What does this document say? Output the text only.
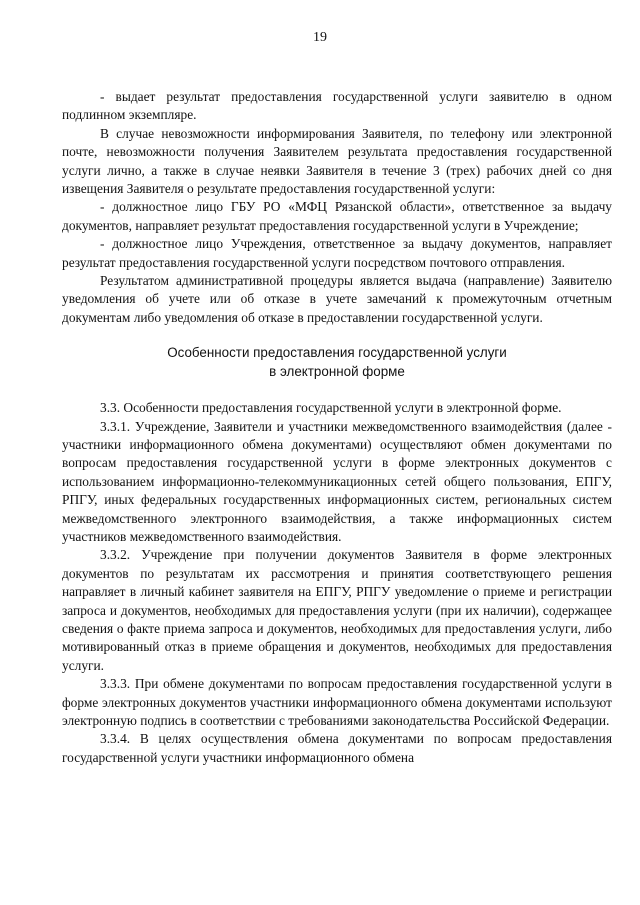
19

- выдает результат предоставления государственной услуги заявителю в одном подлинном экземпляре.

В случае невозможности информирования Заявителя, по телефону или электронной почте, невозможности получения Заявителем результата предоставления государственной услуги лично, а также в случае неявки Заявителя в течение 3 (трех) рабочих дней со дня извещения Заявителя о результате предоставления государственной услуги:

- должностное лицо ГБУ РО «МФЦ Рязанской области», ответственное за выдачу документов, направляет результат предоставления государственной услуги в Учреждение;

- должностное лицо Учреждения, ответственное за выдачу документов, направляет результат предоставления государственной услуги посредством почтового отправления.

Результатом административной процедуры является выдача (направление) Заявителю уведомления об учете или об отказе в учете замечаний к промежуточным отчетным документам либо уведомления об отказе в предоставлении государственной услуги.

Особенности предоставления государственной услуги
в электронной форме

3.3. Особенности предоставления государственной услуги в электронной форме.

3.3.1. Учреждение, Заявители и участники межведомственного взаимодействия (далее - участники информационного обмена документами) осуществляют обмен документами по вопросам предоставления государственной услуги в форме электронных документов с использованием информационно-телекоммуникационных сетей общего пользования, ЕПГУ, РПГУ, иных федеральных государственных информационных систем, региональных систем межведомственного электронного взаимодействия, а также информационных систем участников межведомственного взаимодействия.

3.3.2. Учреждение при получении документов Заявителя в форме электронных документов по результатам их рассмотрения и принятия соответствующего решения направляет в личный кабинет заявителя на ЕПГУ, РПГУ уведомление о приеме и регистрации запроса и документов, необходимых для предоставления услуги (при их наличии), содержащее сведения о факте приема запроса и документов, необходимых для предоставления услуги, либо мотивированный отказ в приеме обращения и документов, необходимых для предоставления услуги.

3.3.3. При обмене документами по вопросам предоставления государственной услуги в форме электронных документов участники информационного обмена документами используют электронную подпись в соответствии с требованиями законодательства Российской Федерации.

3.3.4. В целях осуществления обмена документами по вопросам предоставления государственной услуги участники информационного обмена
